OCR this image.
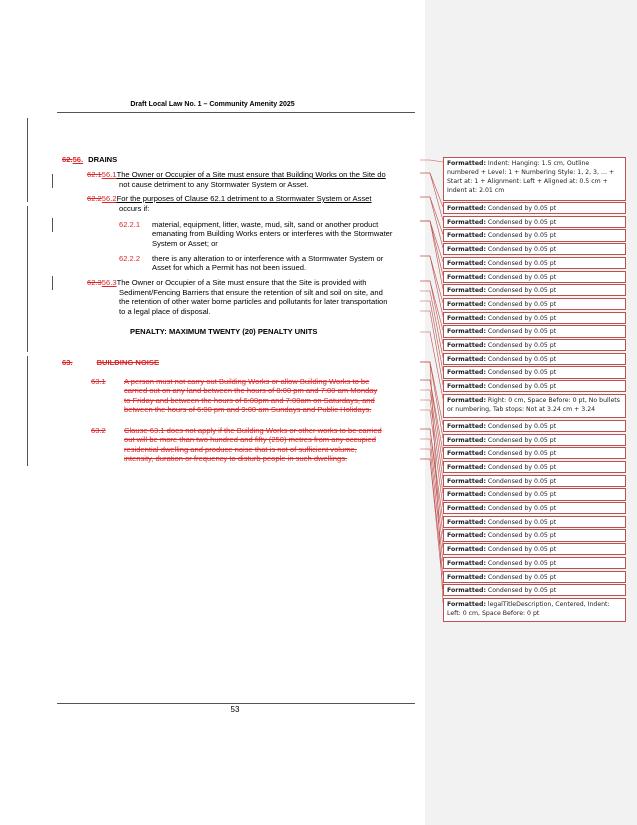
Draft Local Law No. 1 – Community Amenity 2025
62.56. DRAINS
62.156.1The Owner or Occupier of a Site must ensure that Building Works on the Site do
not cause detriment to any Stormwater System or Asset.
62.256.2For the purposes of Clause 62.1 detriment to a Stormwater System or Asset
occurs if:
62.2.1 material, equipment, litter, waste, mud, silt, sand or another product
emanating from Building Works enters or interferes with the Stormwater
System or Asset; or
62.2.2 there is any alteration to or interference with a Stormwater System or
Asset for which a Permit has not been issued.
62.356.3The Owner or Occupier of a Site must ensure that the Site is provided with
Sediment/Fencing Barriers that ensure the retention of silt and soil on site, and
the retention of other water borne particles and pollutants for later transportation
to a legal place of disposal.
PENALTY: MAXIMUM TWENTY (20) PENALTY UNITS
63.	BUILDING NOISE
63.1 A person must not carry out Building Works or allow Building Works to be
carried out on any land between the hours of 8:00 pm and 7:00 am Monday
to Friday and between the hours of 6:00pm and 7:00am on Saturdays, and
between the hours of 6:00 pm and 9:00 am Sundays and Public Holidays.
63.2 Clause 63.1 does not apply if the Building Works or other works to be carried
out will be more than two hundred and fifty (250) metres from any occupied
residential dwelling and produce noise that is not of sufficient volume,
intensity, duration or frequency to disturb people in such dwellings.
53
Formatted: Indent: Hanging: 1.5 cm, Outline numbered + Level: 1 + Numbering Style: 1, 2, 3, … + Start at: 1 + Alignment: Left + Aligned at: 0.5 cm + Indent at: 2.01 cm
Formatted: Condensed by 0.05 pt
Formatted: Condensed by 0.05 pt
Formatted: Condensed by 0.05 pt
Formatted: Condensed by 0.05 pt
Formatted: Condensed by 0.05 pt
Formatted: Condensed by 0.05 pt
Formatted: Condensed by 0.05 pt
Formatted: Condensed by 0.05 pt
Formatted: Condensed by 0.05 pt
Formatted: Condensed by 0.05 pt
Formatted: Condensed by 0.05 pt
Formatted: Condensed by 0.05 pt
Formatted: Condensed by 0.05 pt
Formatted: Condensed by 0.05 pt
Formatted: Right: 0 cm, Space Before: 0 pt, No bullets or numbering, Tab stops: Not at 3.24 cm + 3.24
Formatted: Condensed by 0.05 pt
Formatted: Condensed by 0.05 pt
Formatted: Condensed by 0.05 pt
Formatted: Condensed by 0.05 pt
Formatted: Condensed by 0.05 pt
Formatted: Condensed by 0.05 pt
Formatted: Condensed by 0.05 pt
Formatted: Condensed by 0.05 pt
Formatted: Condensed by 0.05 pt
Formatted: Condensed by 0.05 pt
Formatted: Condensed by 0.05 pt
Formatted: Condensed by 0.05 pt
Formatted: Condensed by 0.05 pt
Formatted: legalTitleDescription, Centered, Indent: Left: 0 cm, Space Before: 0 pt
